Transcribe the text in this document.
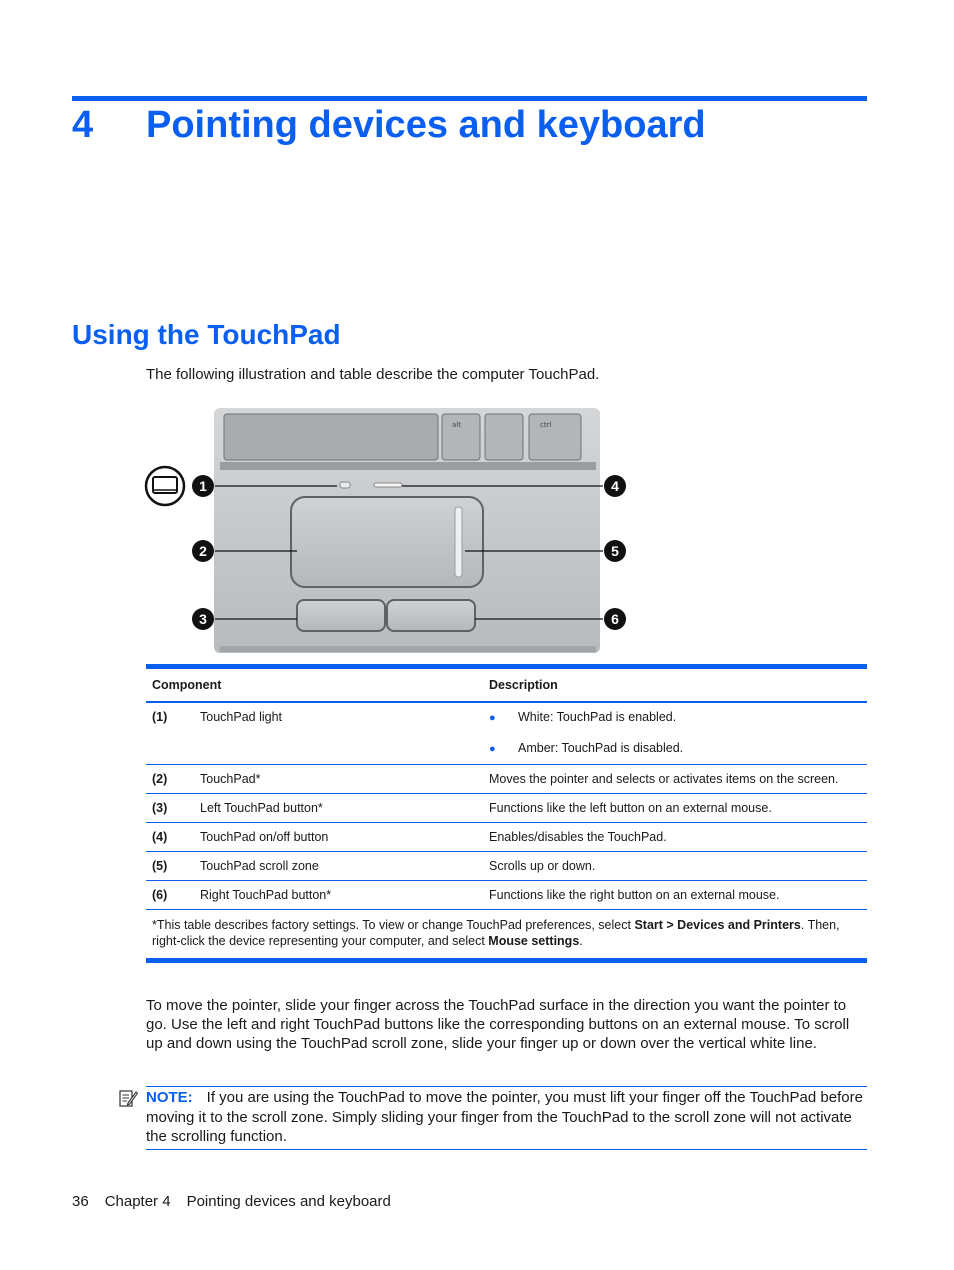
4 Pointing devices and keyboard
Using the TouchPad

The following illustration and table describe the computer TouchPad.

alt	ctrl
1
2
3
4
5
6
Component		Description
(1)	TouchPad light	● White: TouchPad is enabled.
● Amber: TouchPad is disabled.

(2)	TouchPad*	Moves the pointer and selects or activates items on the screen.
(3)	Left TouchPad button*	Functions like the left button on an external mouse.
(4)	TouchPad on/off button	Enables/disables the TouchPad.
(5)	TouchPad scroll zone	Scrolls up or down.
(6)	Right TouchPad button*	Functions like the right button on an external mouse.
*This table describes factory settings. To view or change TouchPad preferences, select Start > Devices and Printers. Then, right-click the device representing your computer, and select Mouse settings.		

To move the pointer, slide your finger across the TouchPad surface in the direction you want the pointer to go. Use the left and right TouchPad buttons like the corresponding buttons on an external mouse. To scroll up and down using the TouchPad scroll zone, slide your finger up or down over the vertical white line.

NOTE: If you are using the TouchPad to move the pointer, you must lift your finger off the TouchPad before moving it to the scroll zone. Simply sliding your finger from the TouchPad to the scroll zone will not activate the scrolling function.
36 Chapter 4 Pointing devices and keyboard
